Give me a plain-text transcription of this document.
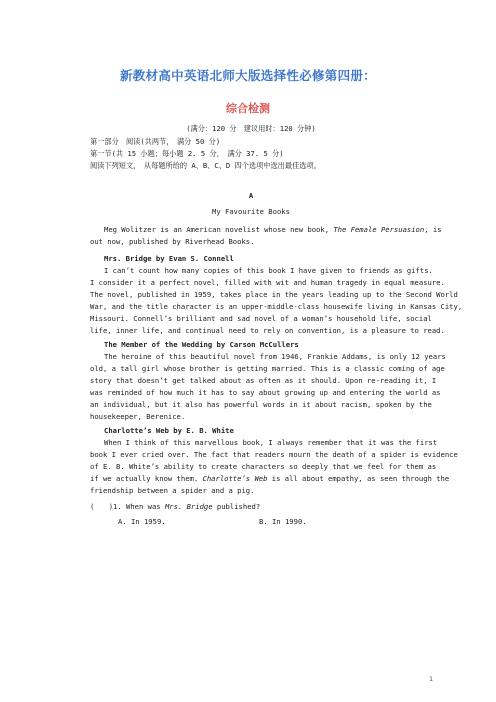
新教材高中英语北师大版选择性必修第四册：
综合检测
(满分：120 分　建议用时：120 分钟)
第一部分　阅读(共两节，　满分 50 分)
第一节(共 15 小题；每小题 2. 5 分，　满分 37. 5 分)
阅读下列短文，　从每题所给的 A、B、C、D 四个选项中选出最佳选项。
A
My Favourite Books
Meg Wolitzer is an American novelist whose new book, The Female Persuasion, is
out now, published by Riverhead Books.
Mrs. Bridge by Evan S. Connell
I can’t count how many copies of this book I have given to friends as gifts.
I consider it a perfect novel, filled with wit and human tragedy in equal measure.
The novel, published in 1959, takes place in the years leading up to the Second World
War, and the title character is an upper-middle-class housewife living in Kansas City,
Missouri. Connell’s brilliant and sad novel of a woman’s household life, social
life, inner life, and continual need to rely on convention, is a pleasure to read.
The Member of the Wedding by Carson McCullers
The heroine of this beautiful novel from 1946, Frankie Addams, is only 12 years
old, a tall girl whose brother is getting married. This is a classic coming of age
story that doesn’t get talked about as often as it should. Upon re-reading it, I
was reminded of how much it has to say about growing up and entering the world as
an individual, but it also has powerful words in it about racism, spoken by the
housekeeper, Berenice.
Charlotte’s Web by E. B. White
When I think of this marvellous book, I always remember that it was the first
book I ever cried over. The fact that readers mourn the death of a spider is evidence
of E. B. White’s ability to create characters so deeply that we feel for them as
if we actually know them. Charlotte’s Web is all about empathy, as seen through the
friendship between a spider and a pig.
(　　)1. When was Mrs. Bridge published?
A. In 1959.	B. In 1990.
1
